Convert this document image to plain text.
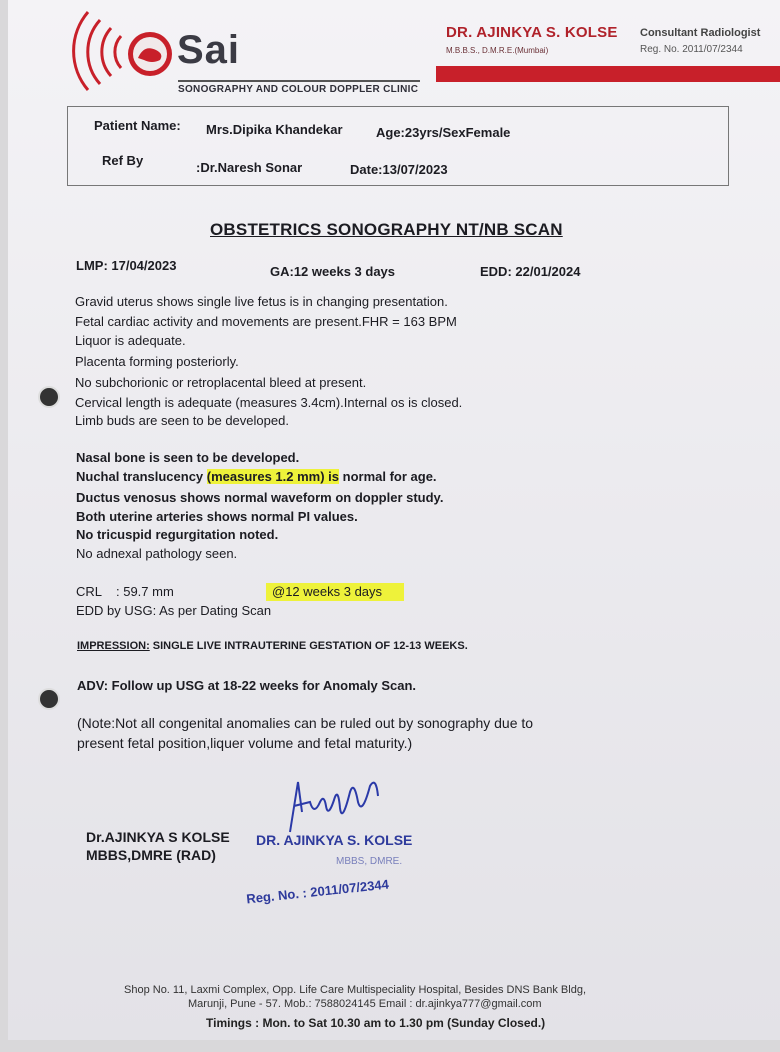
Sai
SONOGRAPHY AND COLOUR DOPPLER CLINIC
DR. AJINKYA S. KOLSE
M.B.B.S., D.M.R.E.(Mumbai)
Consultant Radiologist
Reg. No. 2011/07/2344
Patient Name: Mrs.Dipika Khandekar	Age:23yrs/SexFemale
Ref By	:Dr.Naresh Sonar	Date:13/07/2023
OBSTETRICS SONOGRAPHY NT/NB SCAN
LMP: 17/04/2023	GA:12 weeks 3 days	EDD: 22/01/2024
Gravid uterus shows single live fetus is in changing presentation.
Fetal cardiac activity and movements are present.FHR = 163 BPM
Liquor is adequate.
Placenta forming posteriorly.
No subchorionic or retroplacental bleed at present.
Cervical length is adequate (measures 3.4cm).Internal os is closed.
Limb buds are seen to be developed.
Nasal bone is seen to be developed.
Nuchal translucency (measures 1.2 mm) is normal for age.
Ductus venosus shows normal waveform on doppler study.
Both uterine arteries shows normal PI values.
No tricuspid regurgitation noted.
No adnexal pathology seen.
CRL : 59.7 mm	@12 weeks 3 days
EDD by USG: As per Dating Scan
IMPRESSION: SINGLE LIVE INTRAUTERINE GESTATION OF 12-13 WEEKS.
ADV: Follow up USG at 18-22 weeks for Anomaly Scan.
(Note:Not all congenital anomalies can be ruled out by sonography due to
present fetal position,liquer volume and fetal maturity.)
Dr.AJINKYA S KOLSE
MBBS,DMRE (RAD)
DR. AJINKYA S. KOLSE
MBBS, DMRE.
Reg. No. : 2011/07/2344
Shop No. 11, Laxmi Complex, Opp. Life Care Multispeciality Hospital, Besides DNS Bank Bldg,
Marunji, Pune - 57. Mob.: 7588024145 Email : dr.ajinkya777@gmail.com
Timings : Mon. to Sat 10.30 am to 1.30 pm (Sunday Closed.)
